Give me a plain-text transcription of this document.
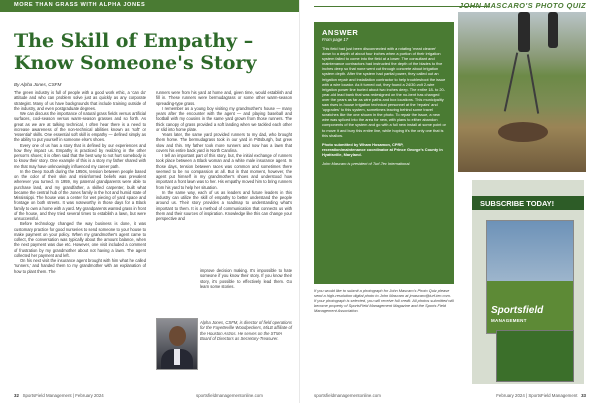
MORE THAN GRASS WITH ALPHA JONES
The Skill of Empathy –
Know Someone's Story
By Alpha Jones, CSFM

The green industry is full of people with a good work ethic, a 'can do' attitude and who can problem solve just as quickly as any corporate strategist. Many of us have backgrounds that include training outside of the industry, and even postgraduate degrees.

We can discuss the importance of natural grass fields versus artificial surfaces, cool-season versus warm-season grasses and so forth. As great as we are at talking technical, I often hear there is a need to increase awareness of the non-technical abilities known as 'soft' or 'essential' skills. One essential soft skill is empathy — defined simply as the ability to put yourself in someone else's shoes.

Every one of us has a story that is defined by our experiences and how they impact us. Empathy is practiced by realizing in the other person's shoes; it is often said that the best way to not hurt somebody is to know their story. One example of this is a story my father shared with me that may have unknowingly influenced my career path.

In the Deep South during the 1950s, tension between people based on the color of their skin and misinformed beliefs was prevalent wherever you turned. In 1959, my paternal grandparents were able to purchase land, and my grandfather, a skilled carpenter, built what became the central hub of the Jones family in the hot and humid state of Mississippi. The house was a center for wet piecing of yard space and frontage on both streets. It was noteworthy in those days for a Black family to own a home with a yard. My grandparents wanted grass in front of the house, and they tried several times to establish a lawn, but were unsuccessful.

Before technology changed the way business is done, it was customary practice for good nurseries to send someone to your house to make payment on your policy. When my grandmother's agent came to collect, the conversation was typically about the amount balance, when the next payment was due etc. However, one visit included a comment of frustration by my grandmother about not having a lawn. The agent collected her payment and left.

On his next visit the insurance agent brought with him what he called 'runners,' and handed them to my grandmother with an explanation of how to plant them. The

runners were from his yard at home and, given time, would establish and fill in. These runners were bermudagrass or some other warm-season spreading-type grass.

I remember as a young boy visiting my grandmother's house — many years after the encounter with the agent — and playing baseball and football with my cousins in the same yard grown from those runners. The thick canopy of grass provided a soft landing when we tackled each other or slid into home plate.

Years later, the same yard provided runners to my dad, who brought them home. The bermudagrass took in our yard in Pittsburgh, but grew slow and thin. My father took more runners and now has a lawn that covers his entire back yard in North Carolina.

I tell an important part of this story, but, the initial exchange of runners took place between a Black woman and a white male insurance agent. In those days, tension between races was common and sometimes there seemed to be no compassion at all. But in that moment, however, the agent put himself in my grandmother's shoes and understood how important a front lawn was to her. His empathy moved him to bring runners from his yard to help her situation.

In the same way, each of us as leaders and future leaders in this industry can utilize the skill of empathy to better understand the people around us. Their story provides a roadmap to understanding what's important to them. It is a method of communication that connects us with them and their sources of inspiration. Knowledge like this can change your perspective and

improve decision making. It's impossible to hate someone if you know their story. If you know their story, it's possible to effectively lead them. Go learn some stories.

Alpha Jones, CSFM, is director of field operations for the Fayetteville Woodpeckers, MiLB affiliate of the Houston Astros. He serves on the STMA Board of Directors as Secretary-Treasurer.
32 SportsField Management | February 2024	sportsfieldmanagementonline.com
JOHN MASCARO'S PHOTO QUIZ
ANSWER
From page 17

This field had just been disconnected with a rotating 'meat cleaver' down to a depth of about four inches when a portion of their irrigation system failed to come into the field at a lower. The consultant and maintenance contractors had instructed the depth of the blades to five inches deep so that none went cut through concrete about irrigation system depth. After the system had partial power, they called out an irrigation repair and installation contractor to help troubleshoot the issue with a wire locator. As it turned out, they found a 24/30-volt 2-wire irrigation power line buried about two inches deep. The entire 18- to 20-year-old lead bank that was redesigned on the no-bent has changed over the years as far as wire paths and box locations. This municipality saw rises in-house irrigation technical personnel at the 'repairs' and 'upgrades' to this system, sometimes leaving behind some travel scratches like the one shown in the photo. To repair the issue, a new wire was spliced into the area for new, with plans to either abandon components of the system and go with a full new install at some point or to move it and bury this entire line, while hoping it's the only one that is this shallow.

Photo submitted by Wham Hosamon, CPRP, recreation/maintenance coordinator at Prince George's County in Hyattsville, Maryland.

John Mascaro is president of Turf-Tec International.

If you would like to submit a photograph for John Mascaro's Photo Quiz please send a high-resolution digital photo to John Mascaro at jmascaro@turf-tec.com. If your photograph is selected, you will receive full credit. All photos submitted will become property of SportsField Management Magazine and the Sports Field Management Association.
SUBSCRIBE TODAY!
Sportsfield
MANAGEMENT
sportsfieldmanagementonline.com	February 2024 | SportsField Management 33
